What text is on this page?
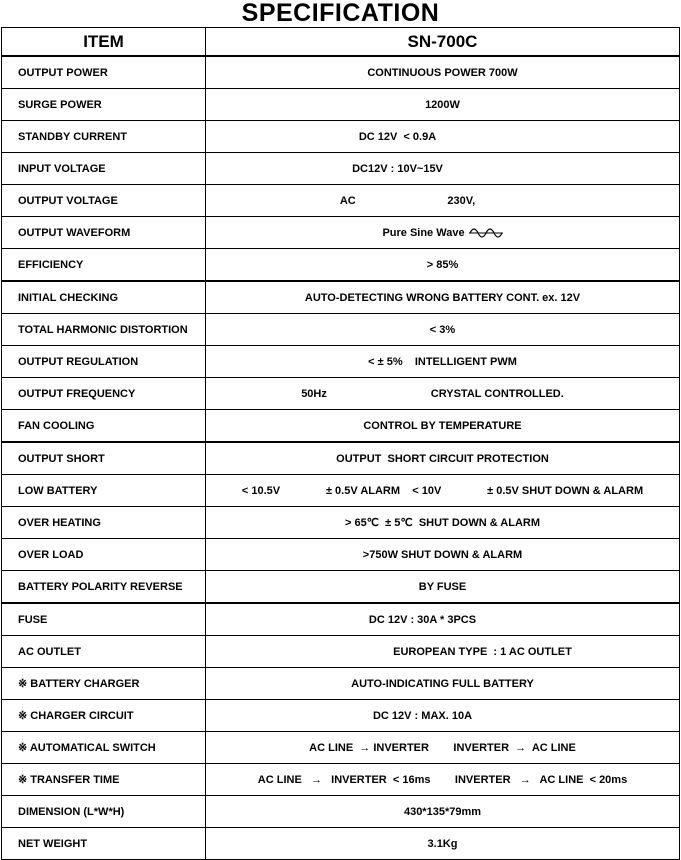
SPECIFICATION
ITEM	SN-700C
OUTPUT POWER	CONTINUOUS POWER 700W
SURGE POWER	1200W
STANDBY CURRENT	DC 12V  < 0.9A
INPUT VOLTAGE	DC12V : 10V~15V
OUTPUT VOLTAGE	AC                              230V,
OUTPUT WAVEFORM	Pure Sine Wave
EFFICIENCY	> 85%
INITIAL CHECKING	AUTO-DETECTING WRONG BATTERY CONT. ex. 12V
TOTAL HARMONIC DISTORTION	< 3%
OUTPUT REGULATION	< ± 5%    INTELLIGENT PWM
OUTPUT FREQUENCY	50Hz                                  CRYSTAL CONTROLLED.
FAN COOLING	CONTROL BY TEMPERATURE
OUTPUT SHORT	OUTPUT  SHORT CIRCUIT PROTECTION
LOW BATTERY	< 10.5V               ± 0.5V ALARM    < 10V               ± 0.5V SHUT DOWN & ALARM
OVER HEATING	> 65℃  ± 5℃  SHUT DOWN & ALARM
OVER LOAD	>750W SHUT DOWN & ALARM
BATTERY POLARITY REVERSE	BY FUSE
FUSE	DC 12V : 30A * 3PCS
AC OUTLET	EUROPEAN TYPE  : 1 AC OUTLET
※ BATTERY CHARGER	AUTO-INDICATING FULL BATTERY
※ CHARGER CIRCUIT	DC 12V : MAX. 10A
※ AUTOMATICAL SWITCH	AC LINE  → INVERTER        INVERTER  →  AC LINE
※ TRANSFER TIME	AC LINE   →   INVERTER  < 16ms        INVERTER   →   AC LINE  < 20ms
DIMENSION (L*W*H)	430*135*79mm
NET WEIGHT	3.1Kg
